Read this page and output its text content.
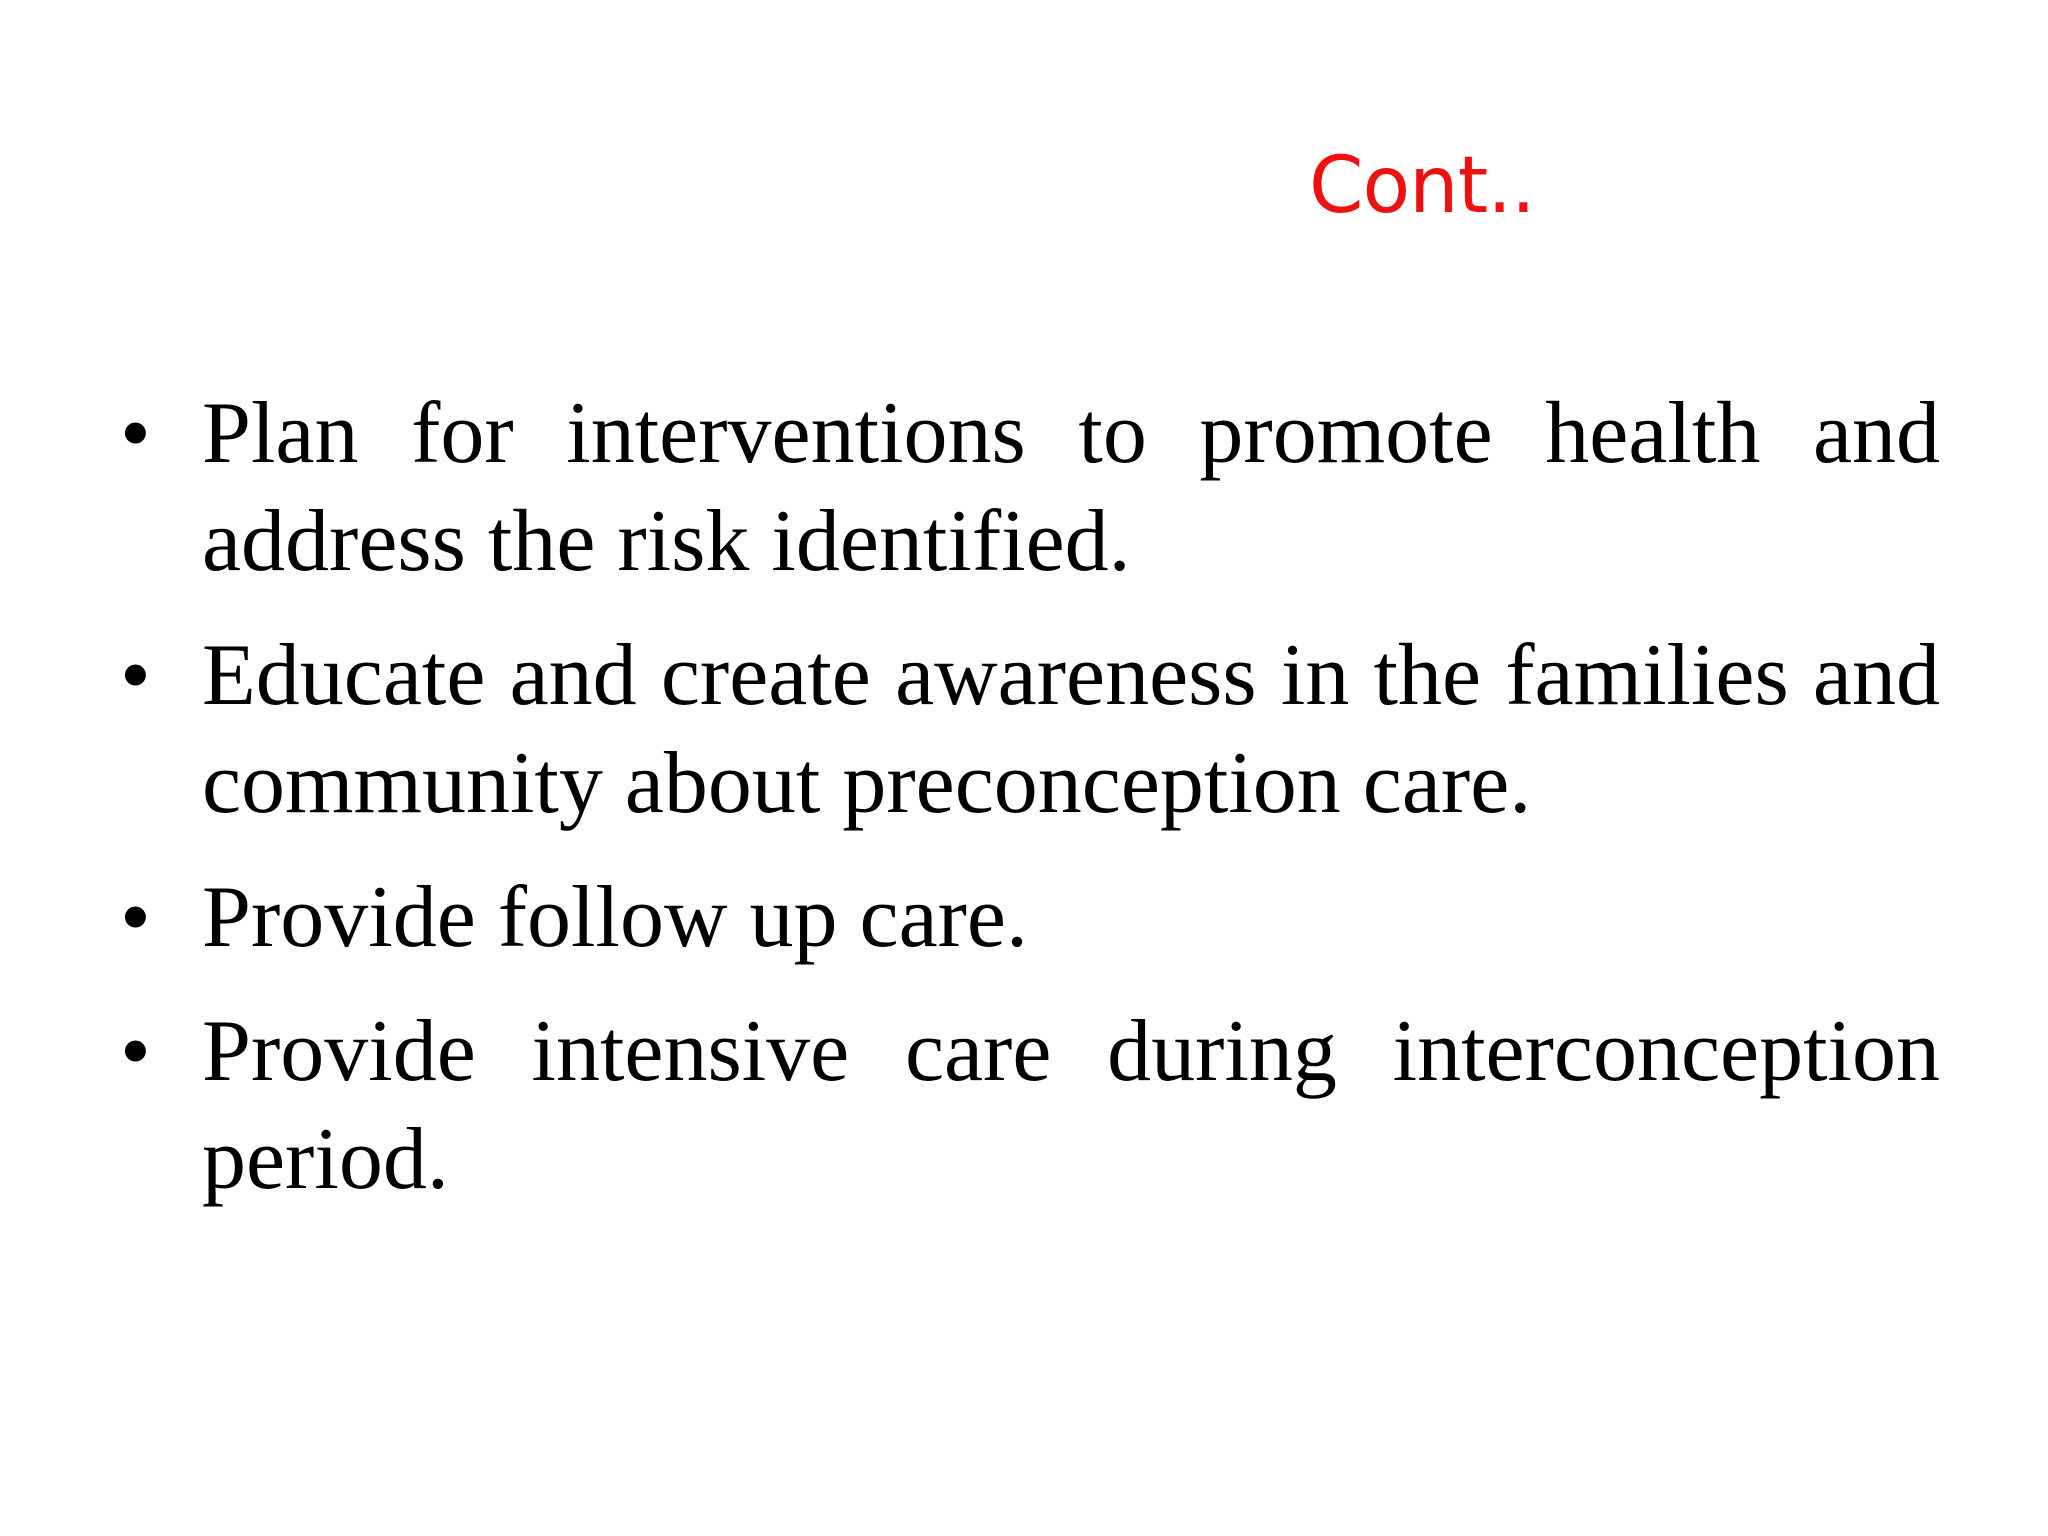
Cont..
• Plan for interventions to promote health and address the risk identified.
• Educate and create awareness in the families and community about preconception care.
• Provide follow up care.
• Provide intensive care during interconception period.
